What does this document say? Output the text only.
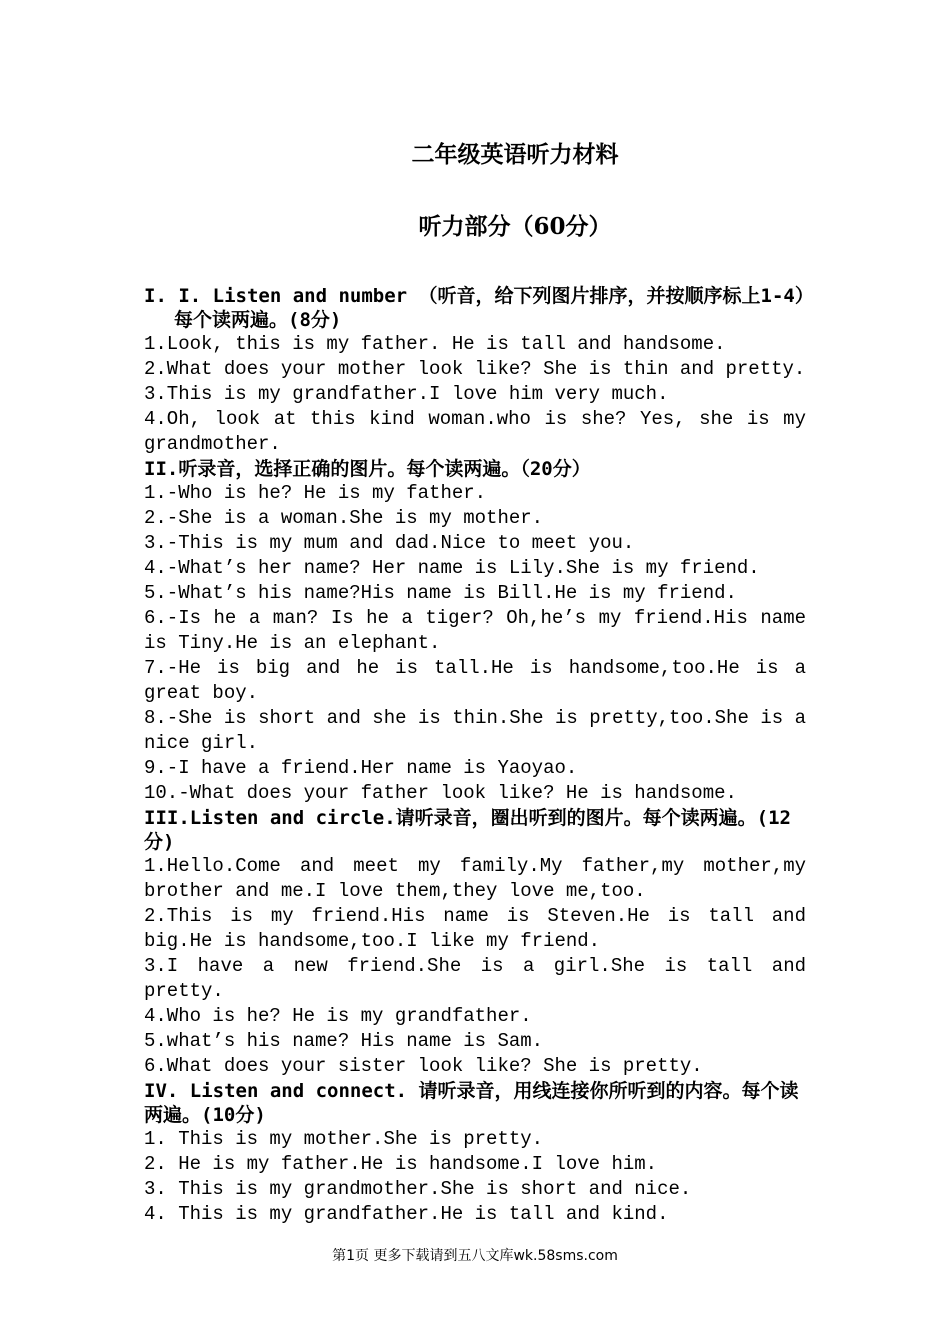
二年级英语听力材料
听力部分（60分）

I. I. Listen and number （听音，给下列图片排序，并按顺序标上1-4）每个读两遍。(8分)

1.Look, this is my father. He is tall and handsome.

2.What does your mother look like? She is thin and pretty.

3.This is my grandfather.I love him very much.

4.Oh, look at this kind woman.who is she? Yes, she is my grandmother.

II.听录音，选择正确的图片。每个读两遍。（20分）

1.-Who is he? He is my father.

2.-She is a woman.She is my mother.

3.-This is my mum and dad.Nice to meet you.

4.-What’s her name? Her name is Lily.She is my friend.

5.-What’s his name?His name is Bill.He is my friend.

6.-Is he a man? Is he a tiger? Oh,he’s my friend.His name is Tiny.He is an elephant.

7.-He is big and he is tall.He is handsome,too.He is a great boy.

8.-She is short and she is thin.She is pretty,too.She is a nice girl.

9.-I have a friend.Her name is Yaoyao.

10.-What does your father look like? He is handsome.

III.Listen and circle.请听录音，圈出听到的图片。每个读两遍。(12分)

1.Hello.Come and meet my family.My father,my mother,my brother and me.I love them,they love me,too.

2.This is my friend.His name is Steven.He is tall and big.He is handsome,too.I like my friend.

3.I have a new friend.She is a girl.She is tall and pretty.

4.Who is he? He is my grandfather.

5.what’s his name? His name is Sam.

6.What does your sister look like? She is pretty.

IV. Listen and connect. 请听录音，用线连接你所听到的内容。每个读两遍。(10分)

1. This is my mother.She is pretty.

2. He is my father.He is handsome.I love him.

3. This is my grandmother.She is short and nice.

4. This is my grandfather.He is tall and kind.

第1页 更多下载请到五八文库wk.58sms.com
